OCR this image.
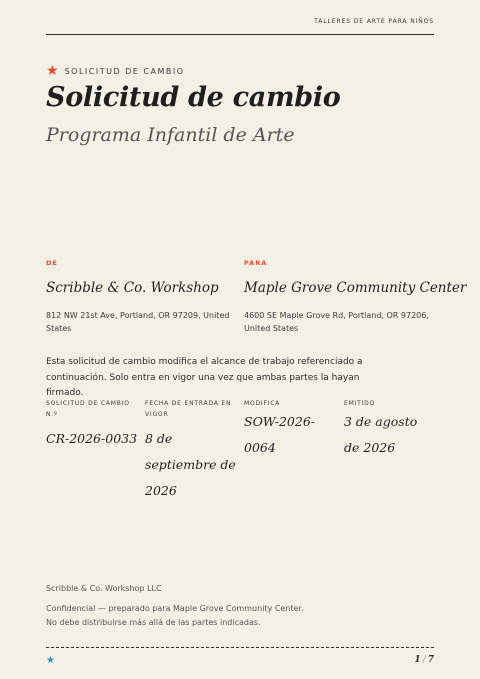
TALLERES DE ARTE PARA NIÑOS
★ SOLICITUD DE CAMBIO
Solicitud de cambio
Programa Infantil de Arte
DE
Scribble & Co. Workshop
812 NW 21st Ave, Portland, OR 97209, United States
PARA
Maple Grove Community Center
4600 SE Maple Grove Rd, Portland, OR 97206, United States
Esta solicitud de cambio modifica el alcance de trabajo referenciado a continuación. Solo entra en vigor una vez que ambas partes la hayan firmado.
SOLICITUD DE CAMBIO N.º
CR-2026-0033
FECHA DE ENTRADA EN VIGOR
8 de septiembre de 2026
MODIFICA
SOW-2026-0064
EMITIDO
3 de agosto de 2026
Scribble & Co. Workshop LLC
Confidencial — preparado para Maple Grove Community Center.
No debe distribuirse más allá de las partes indicadas.
★	1 / 7
